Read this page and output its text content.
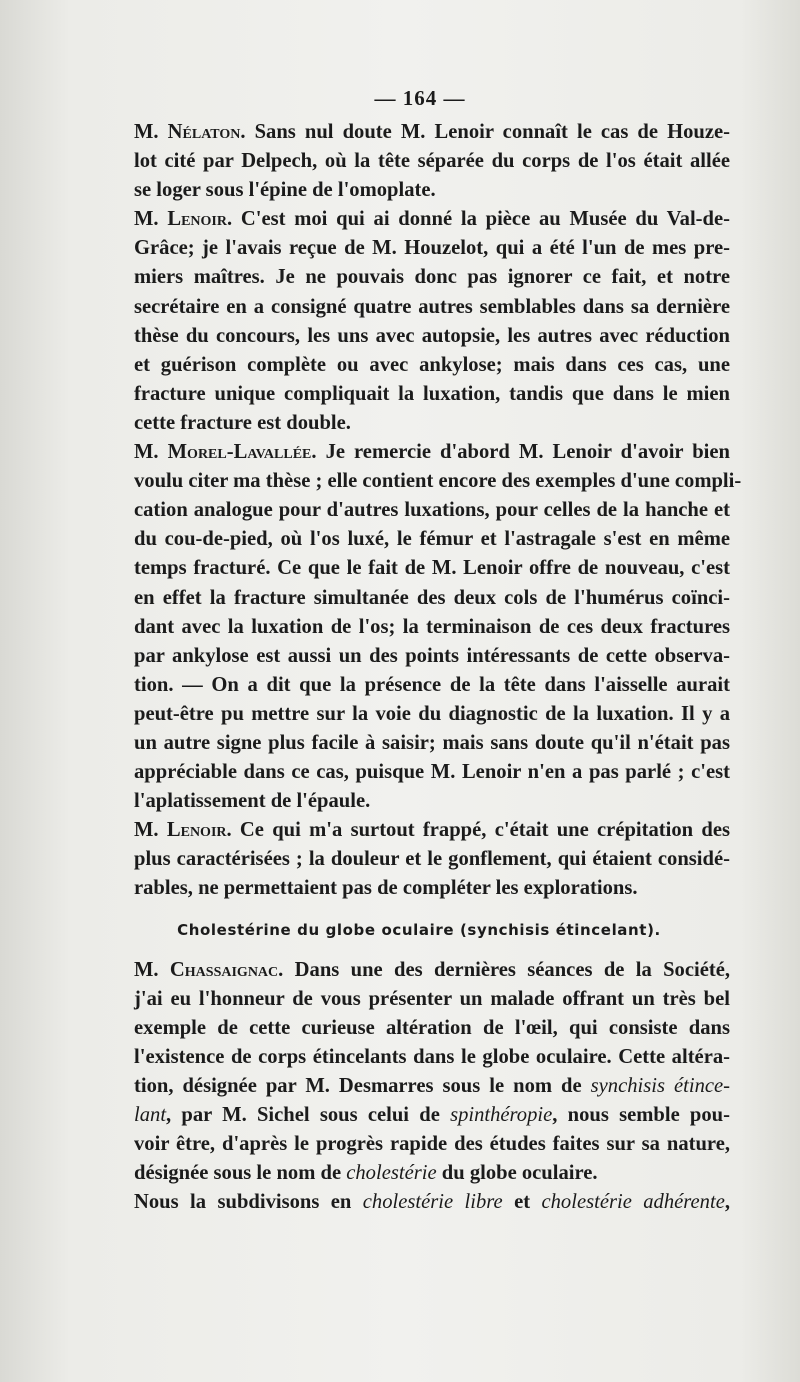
— 164 —

M. Nélaton. Sans nul doute M. Lenoir connaît le cas de Houze-
lot cité par Delpech, où la tête séparée du corps de l'os était allée
se loger sous l'épine de l'omoplate.

M. Lenoir. C'est moi qui ai donné la pièce au Musée du Val-de-
Grâce; je l'avais reçue de M. Houzelot, qui a été l'un de mes pre-
miers maîtres. Je ne pouvais donc pas ignorer ce fait, et notre
secrétaire en a consigné quatre autres semblables dans sa dernière
thèse du concours, les uns avec autopsie, les autres avec réduction
et guérison complète ou avec ankylose; mais dans ces cas, une
fracture unique compliquait la luxation, tandis que dans le mien
cette fracture est double.

M. Morel-Lavallée. Je remercie d'abord M. Lenoir d'avoir bien
voulu citer ma thèse ; elle contient encore des exemples d'une compli-
cation analogue pour d'autres luxations, pour celles de la hanche et
du cou-de-pied, où l'os luxé, le fémur et l'astragale s'est en même
temps fracturé. Ce que le fait de M. Lenoir offre de nouveau, c'est
en effet la fracture simultanée des deux cols de l'humérus coïnci-
dant avec la luxation de l'os; la terminaison de ces deux fractures
par ankylose est aussi un des points intéressants de cette observa-
tion. — On a dit que la présence de la tête dans l'aisselle aurait
peut-être pu mettre sur la voie du diagnostic de la luxation. Il y a
un autre signe plus facile à saisir; mais sans doute qu'il n'était pas
appréciable dans ce cas, puisque M. Lenoir n'en a pas parlé ; c'est
l'aplatissement de l'épaule.

M. Lenoir. Ce qui m'a surtout frappé, c'était une crépitation des
plus caractérisées ; la douleur et le gonflement, qui étaient considé-
rables, ne permettaient pas de compléter les explorations.

Cholestérine du globe oculaire (synchisis étincelant).

M. Chassaignac. Dans une des dernières séances de la Société,
j'ai eu l'honneur de vous présenter un malade offrant un très bel
exemple de cette curieuse altération de l'œil, qui consiste dans
l'existence de corps étincelants dans le globe oculaire. Cette altéra-
tion, désignée par M. Desmarres sous le nom de synchisis étince-
lant, par M. Sichel sous celui de spinthéropie, nous semble pou-
voir être, d'après le progrès rapide des études faites sur sa nature,
désignée sous le nom de cholestérie du globe oculaire.

Nous la subdivisons en cholestérie libre et cholestérie adhérente,
